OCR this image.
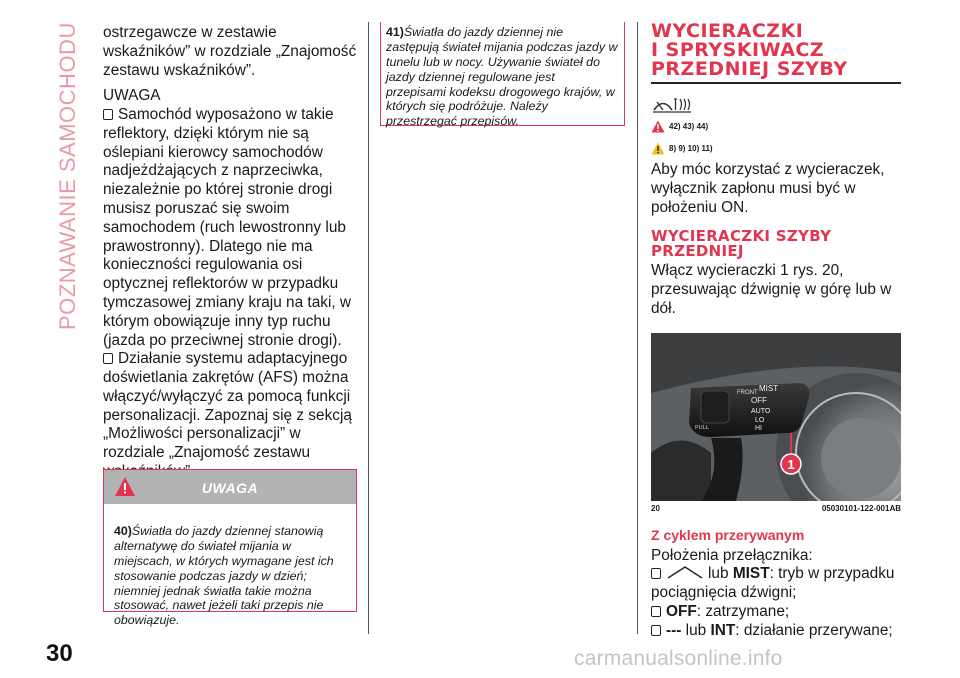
POZNAWANIE SAMOCHODU
30	carmanualsonline.info

ostrzegawcze w zestawie wskaźników” w rozdziale „Znajomość zestawu wskaźników”.

UWAGA

Samochód wyposażono w takie reflektory, dzięki którym nie są oślepiani kierowcy samochodów nadjeżdżających z naprzeciwka, niezależnie po której stronie drogi musisz poruszać się swoim samochodem (ruch lewostronny lub prawostronny). Dlatego nie ma konieczności regulowania osi optycznej reflektorów w przypadku tymczasowej zmiany kraju na taki, w którym obowiązuje inny typ ruchu (jazda po przeciwnej stronie drogi).

Działanie systemu adaptacyjnego doświetlania zakrętów (AFS) można włączyć/wyłączyć za pomocą funkcji personalizacji. Zapoznaj się z sekcją „Możliwości personalizacji” w rozdziale „Znajomość zestawu

UWAGA
40)Światła do jazdy dziennej stanowią alternatywę do świateł mijania w miejscach, w których wymagane jest ich stosowanie podczas jazdy w dzień; niemniej jednak światła takie można stosować, nawet jeżeli taki przepis nie obowiązuje.
41)Światła do jazdy dziennej nie zastępują świateł mijania podczas jazdy w tunelu lub w nocy. Używanie świateł do jazdy dziennej regulowane jest przepisami kodeksu drogowego krajów, w których się podróżuje. Należy przestrzegać przepisów.
WYCIERACZKI
I SPRYSKIWACZ
PRZEDNIEJ SZYBY
42) 43) 44)
8) 9) 10) 11)

Aby móc korzystać z wycieraczek, wyłącznik zapłonu musi być w położeniu ON.

WYCIERACZKI SZYBY
PRZEDNIEJ

Włącz wycieraczki 1 rys. 20, przesuwając dźwignię w górę lub w dół.

FRONT MIST
OFF
AUTO
LO
HI
PULL
1
20	05030101-122-001AB
Z cyklem przerywanym

Położenia przełącznika:

lub MIST: tryb w przypadku pociągnięcia dźwigni;

OFF: zatrzymane;

--- lub INT: działanie przerywane;
